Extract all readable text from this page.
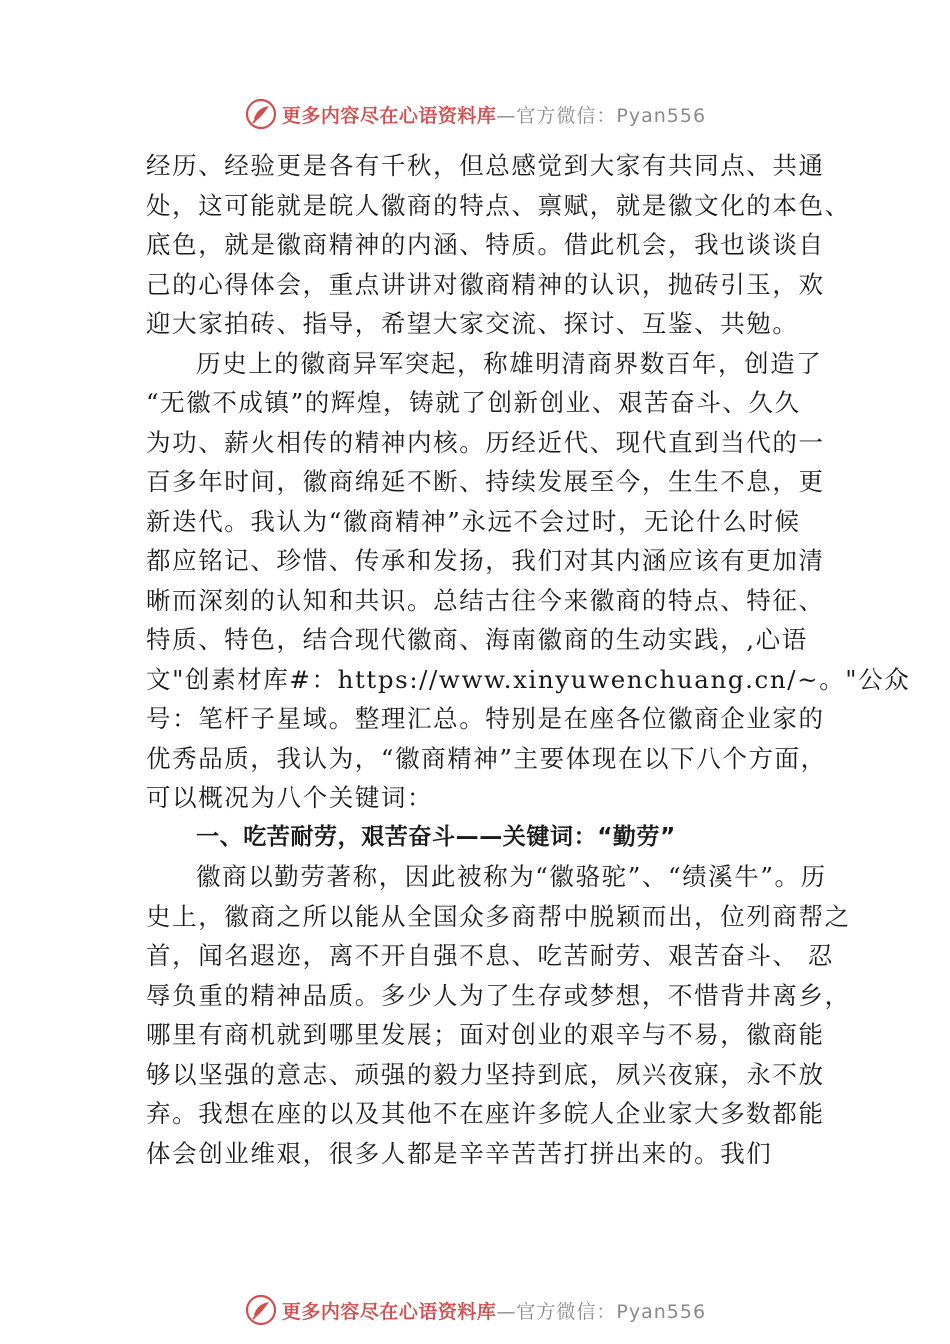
更多内容尽在心语资料库 —官方微信：Pyan556
经历、经验更是各有千秋，但总感觉到大家有共同点、共通
处，这可能就是皖人徽商的特点、禀赋，就是徽文化的本色、
底色，就是徽商精神的内涵、特质。借此机会，我也谈谈自
己的心得体会，重点讲讲对徽商精神的认识，抛砖引玉，欢
迎大家拍砖、指导，希望大家交流、探讨、互鉴、共勉。
历史上的徽商异军突起，称雄明清商界数百年，创造了
“无徽不成镇”的辉煌，铸就了创新创业、艰苦奋斗、久久
为功、薪火相传的精神内核。历经近代、现代直到当代的一
百多年时间，徽商绵延不断、持续发展至今，生生不息，更
新迭代。我认为“徽商精神”永远不会过时，无论什么时候
都应铭记、珍惜、传承和发扬，我们对其内涵应该有更加清
晰而深刻的认知和共识。总结古往今来徽商的特点、特征、
特质、特色，结合现代徽商、海南徽商的生动实践，,心语
文"创素材库#：https://www.xinyuwenchuang.cn/~。"公众
号：笔杆子星域。整理汇总。特别是在座各位徽商企业家的
优秀品质，我认为，“徽商精神”主要体现在以下八个方面，
可以概况为八个关键词：
一、吃苦耐劳，艰苦奋斗——关键词：“勤劳”
徽商以勤劳著称，因此被称为“徽骆驼”、“绩溪牛”。历
史上，徽商之所以能从全国众多商帮中脱颖而出，位列商帮之
首，闻名遐迩，离不开自强不息、吃苦耐劳、艰苦奋斗、 忍
辱负重的精神品质。多少人为了生存或梦想，不惜背井离乡，
哪里有商机就到哪里发展；面对创业的艰辛与不易，徽商能
够以坚强的意志、顽强的毅力坚持到底，夙兴夜寐，永不放
弃。我想在座的以及其他不在座许多皖人企业家大多数都能
体会创业维艰，很多人都是辛辛苦苦打拼出来的。我们
更多内容尽在心语资料库 —官方微信：Pyan556
